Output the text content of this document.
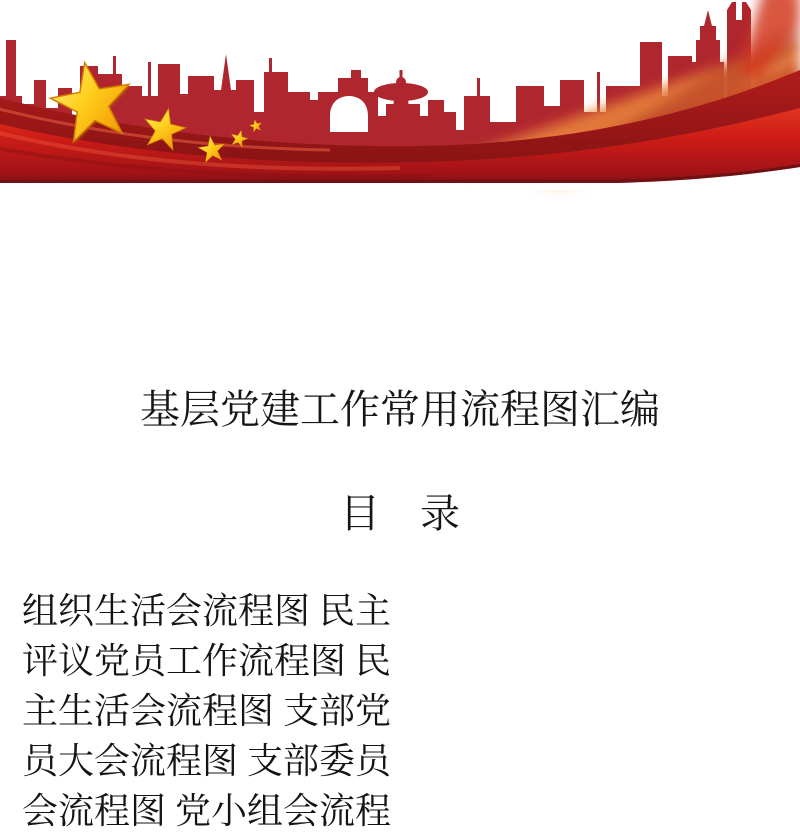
基层党建工作常用流程图汇编
目　录
组织生活会流程图 民主
评议党员工作流程图 民
主生活会流程图 支部党
员大会流程图 支部委员
会流程图 党小组会流程
